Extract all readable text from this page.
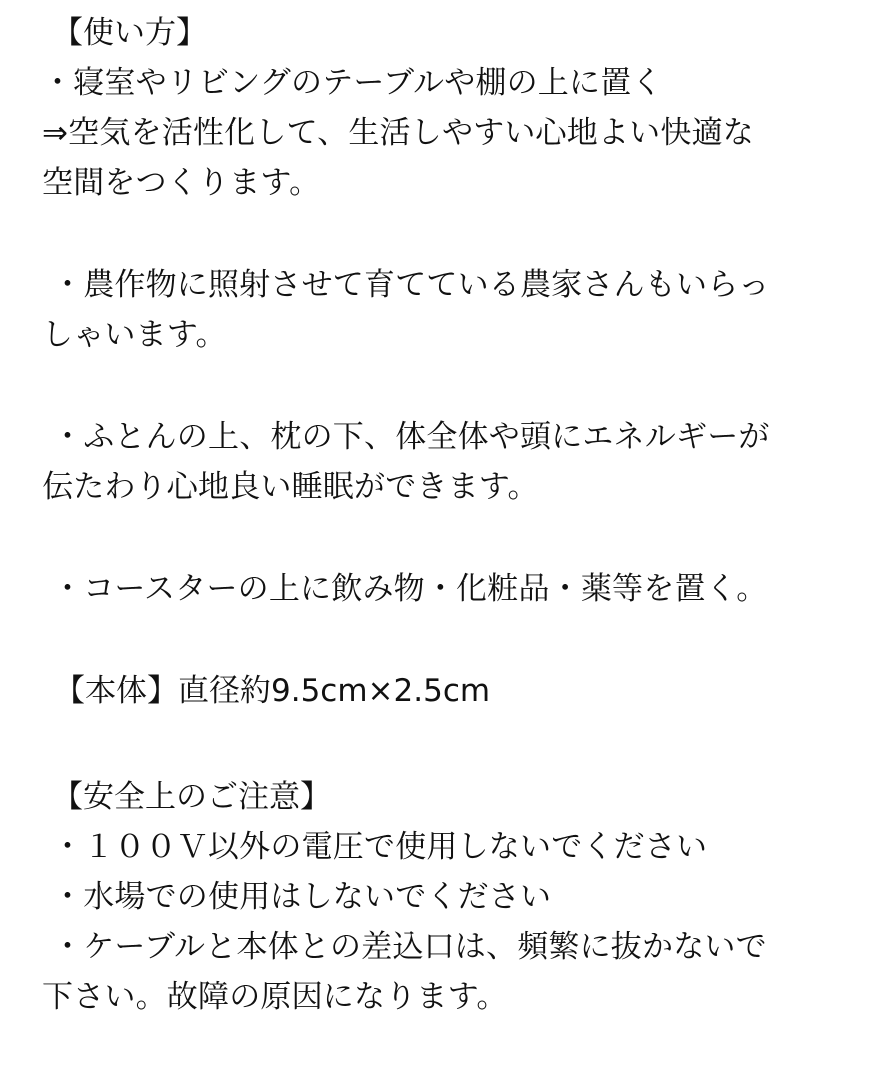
【使い方】
・寝室やリビングのテーブルや棚の上に置く
⇒空気を活性化して、生活しやすい心地よい快適な
空間をつくります。
・農作物に照射させて育てている農家さんもいらっ
しゃいます。
・ふとんの上、枕の下、体全体や頭にエネルギーが
伝たわり心地良い睡眠ができます。
・コースターの上に飲み物・化粧品・薬等を置く。
【本体】直径約9.5cm×2.5cm
【安全上のご注意】
・１００Ｖ以外の電圧で使用しないでください
・水場での使用はしないでください
・ケーブルと本体との差込口は、頻繁に抜かないで
下さい。故障の原因になります。
